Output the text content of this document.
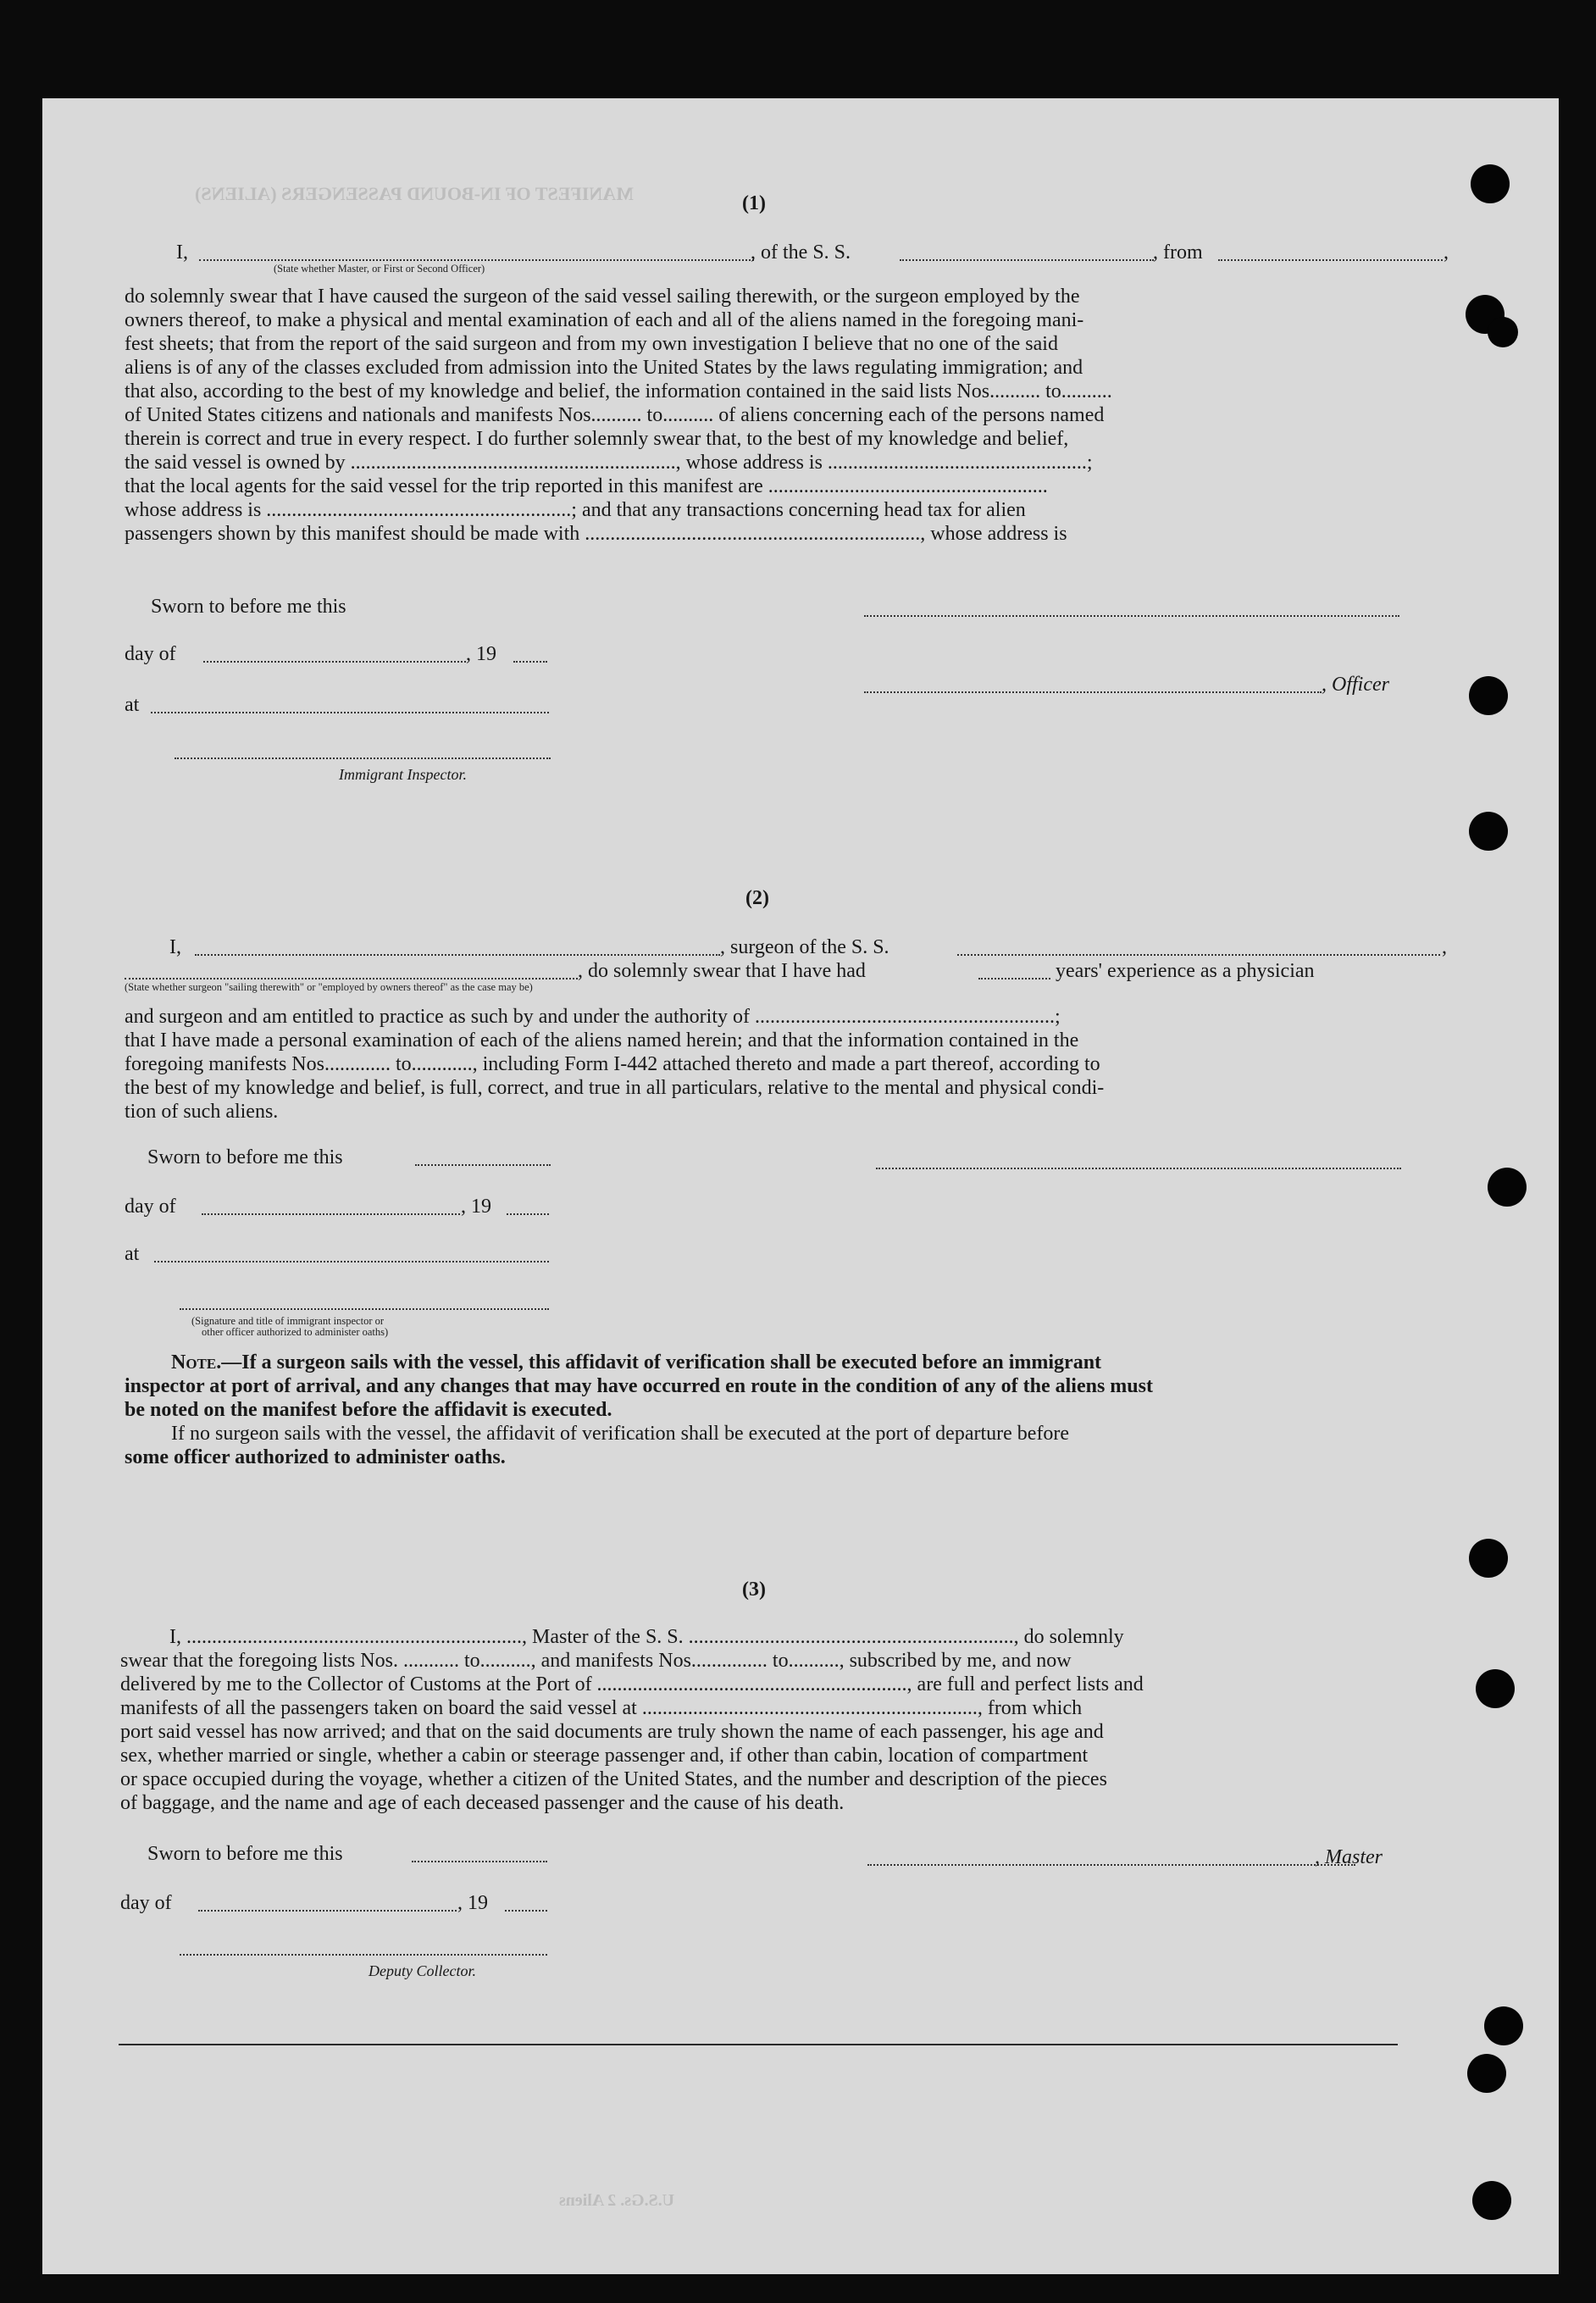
MANIFEST OF IN-BOUND PASSENGERS (ALIENS)	(1)
I,	, of the S. S.	, from	,
(State whether Master, or First or Second Officer)
do solemnly swear that I have caused the surgeon of the said vessel sailing therewith, or the surgeon employed by the
owners thereof, to make a physical and mental examination of each and all of the aliens named in the foregoing mani-
fest sheets; that from the report of the said surgeon and from my own investigation I believe that no one of the said
aliens is of any of the classes excluded from admission into the United States by the laws regulating immigration; and
that also, according to the best of my knowledge and belief, the information contained in the said lists Nos.......... to..........
of United States citizens and nationals and manifests Nos.......... to.......... of aliens concerning each of the persons named
therein is correct and true in every respect. I do further solemnly swear that, to the best of my knowledge and belief,
the said vessel is owned by ................................................................, whose address is ...................................................;
that the local agents for the said vessel for the trip reported in this manifest are .......................................................
whose address is ............................................................; and that any transactions concerning head tax for alien
passengers shown by this manifest should be made with .................................................................., whose address is
Sworn to before me this
day of	, 19
, Officer
at
Immigrant Inspector.
(2)
I,	, surgeon of the S. S.	,
, do solemnly swear that I have had	years' experience as a physician
(State whether surgeon "sailing therewith" or "employed by owners thereof" as the case may be)
and surgeon and am entitled to practice as such by and under the authority of ...........................................................;
that I have made a personal examination of each of the aliens named herein; and that the information contained in the
foregoing manifests Nos............. to............, including Form I-442 attached thereto and made a part thereof, according to
the best of my knowledge and belief, is full, correct, and true in all particulars, relative to the mental and physical condi-
tion of such aliens.
Sworn to before me this
day of	, 19
at
(Signature and title of immigrant inspector or
other officer authorized to administer oaths)
Note.—If a surgeon sails with the vessel, this affidavit of verification shall be executed before an immigrant
inspector at port of arrival, and any changes that may have occurred en route in the condition of any of the aliens must
be noted on the manifest before the affidavit is executed.
If no surgeon sails with the vessel, the affidavit of verification shall be executed at the port of departure before
some officer authorized to administer oaths.
(3)
I, .................................................................., Master of the S. S. ................................................................, do solemnly
swear that the foregoing lists Nos. ........... to.........., and manifests Nos............... to.........., subscribed by me, and now
delivered by me to the Collector of Customs at the Port of ............................................................., are full and perfect lists and
manifests of all the passengers taken on board the said vessel at .................................................................., from which
port said vessel has now arrived; and that on the said documents are truly shown the name of each passenger, his age and
sex, whether married or single, whether a cabin or steerage passenger and, if other than cabin, location of compartment
or space occupied during the voyage, whether a citizen of the United States, and the number and description of the pieces
of baggage, and the name and age of each deceased passenger and the cause of his death.
Sworn to before me this	, Master
day of	, 19
Deputy Collector.
U.S.Gs. 2 Aliens
